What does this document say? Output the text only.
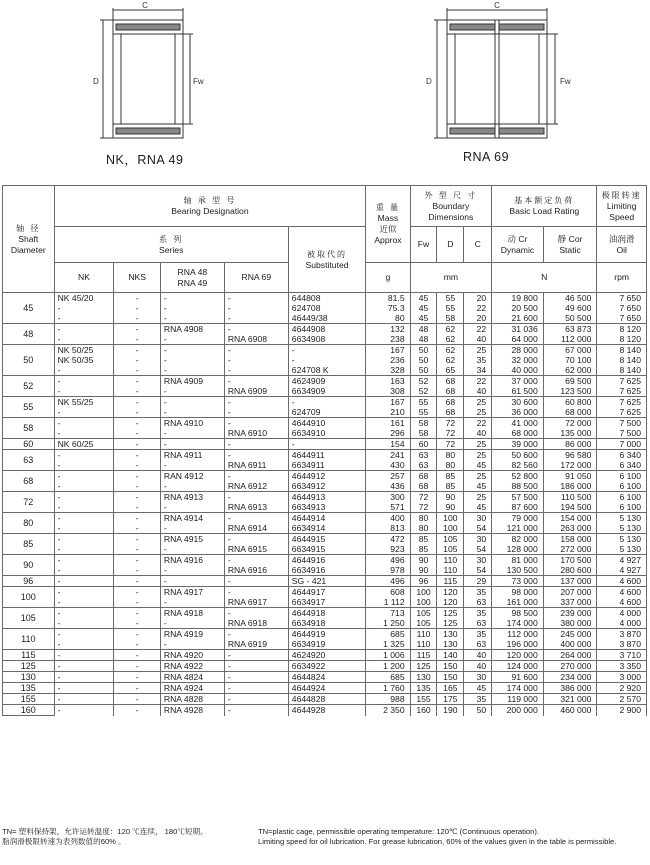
C
D	Fw
C
D	Fw
NK，RNA 49	RNA 69
轴 径
Shaft
Diameter	轴 承 型 号
Bearing Designation					重 量
Mass
近似
Approx	外 型 尺 寸
Boundary Dimensions			基本额定负荷
Basic Load Rating		极限转速
Limiting
Speed

	系 列
Series				被取代的
Substituted		Fw	D	C	动 Cr
Dynamic	静 Cor
Static	油润滑
Oil
	NK	NKS	RNA 48
RNA 49	RNA 69		g	mm			N		rpm
45	NK 45/20	-	-	-	644808	81.5	45	55	20	19 800	46 500	7 650
	-	-	-	-	624708	75.3	45	55	22	20 500	49 600	7 650
	-	-	-	-	46449/38	80	45	58	20	21 600	50 500	7 650
48	-	-	RNA 4908	-	4644908	132	48	62	22	31 036	63 873	8 120
	-	-	-	RNA 6908	6634908	238	48	62	40	64 000	112 000	8 120
50	NK 50/25	-	-	-	-	167	50	62	25	28 000	67 000	8 140
	NK 50/35	-	-	-	-	236	50	62	35	32 000	70 100	8 140
	-	-	-	-	624708 K	328	50	65	34	40 000	62 000	8 140
52	-	-	RNA 4909	-	4624909	163	52	68	22	37 000	69 500	7 625
	-	-	-	RNA 6909	6634909	308	52	68	40	61 500	123 500	7 625
55	NK 55/25	-	-	-	-	167	55	68	25	30 600	60 800	7 625
	-	-	-	-	624709	210	55	68	25	36 000	68 000	7 625
58	-	-	RNA 4910	-	4644910	161	58	72	22	41 000	72 000	7 500
	-	-	-	RNA 6910	6634910	296	58	72	40	68 000	135 000	7 500
60	NK 60/25	-	-	-	-	154	60	72	25	39 000	86 000	7 000
63	-	-	RNA 4911	-	4644911	241	63	80	25	50 600	96 580	6 340
	-	-	-	RNA 6911	6634911	430	63	80	45	82 560	172 000	6 340
68	-	-	RAN 4912	-	4644912	257	68	85	25	52 800	91 050	6 100
	-	-	-	RNA 6912	6634912	436	68	85	45	88 500	186 000	6 100
72	-	-	RNA 4913	-	4644913	300	72	90	25	57 500	110 500	6 100
	-	-	-	RNA 6913	6634913	571	72	90	45	87 600	194 500	6 100
80	-	-	RNA 4914	-	4644914	400	80	100	30	79 000	154 000	5 130
	-	-	-	RNA 6914	6634914	813	80	100	54	121 000	263 000	5 130
85	-	-	RNA 4915	-	4644915	472	85	105	30	82 000	158 000	5 130
	-	-	-	RNA 6915	6634915	923	85	105	54	128 000	272 000	5 130
90	-	-	RNA 4916	-	4644916	496	90	110	30	81 000	170 500	4 927
	-	-	-	RNA 6916	6634916	978	90	110	54	130 500	280 600	4 927
96	-	-	-	-	SG - 421	496	96	115	29	73 000	137 000	4 600
100	-	-	RNA 4917	-	4644917	608	100	120	35	98 000	207 000	4 600
	-	-	-	RNA 6917	6634917	1 112	100	120	63	161 000	337 000	4 600
105	-	-	RNA 4918	-	4644918	713	105	125	35	98 500	239 000	4 000
	-	-	-	RNA 6918	6634918	1 250	105	125	63	174 000	380 000	4 000
110	-	-	RNA 4919	-	4644919	685	110	130	35	112 000	245 000	3 870
	-	-	-	RNA 6919	6634919	1 325	110	130	63	196 000	400 000	3 870
115	-	-	RNA 4920	-	4624920	1 006	115	140	40	120 000	264 000	3 710
125	-	-	RNA 4922	-	6634922	1 200	125	150	40	124 000	270 000	3 350
130	-	-	RNA 4824	-	4644824	685	130	150	30	91 600	234 000	3 000
135	-	-	RNA 4924	-	4644924	1 760	135	165	45	174 000	386 000	2 920
155	-	-	RNA 4828	-	4644828	988	155	175	35	119 000	321 000	2 570
160	-	-	RNA 4928	-	4644928	2 350	160	190	50	200 000	460 000	2 900
TN= 塑料保持架，允许运转温度：120 ℃连续， 180℃短期。
脂润滑极限转速为表列数值的60% 。
TN=plastic cage, permissible operating temperature: 120℃ (Continuous operation).
Limiting speed for oil lubrication. For grease lubrication, 60% of the values given in the table is permissible.
